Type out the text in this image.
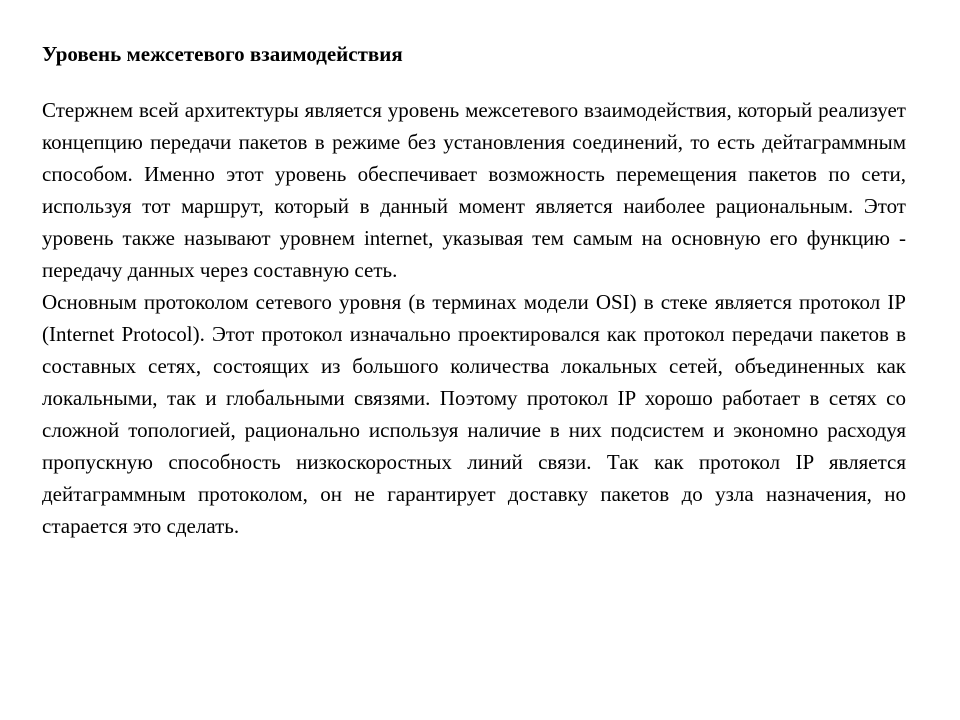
Уровень межсетевого взаимодействия

Стержнем всей архитектуры является уровень межсетевого взаимодействия, который реализует концепцию передачи пакетов в режиме без установления соединений, то есть дейтаграммным способом. Именно этот уровень обеспечивает возможность перемещения пакетов по сети, используя тот маршрут, который в данный момент является наиболее рациональным. Этот уровень также называют уровнем internet, указывая тем самым на основную его функцию - передачу данных через составную сеть.

Основным протоколом сетевого уровня (в терминах модели OSI) в стеке является протокол IP (Internet Protocol). Этот протокол изначально проектировался как протокол передачи пакетов в составных сетях, состоящих из большого количества локальных сетей, объединенных как локальными, так и глобальными связями. Поэтому протокол IP хорошо работает в сетях со сложной топологией, рационально используя наличие в них подсистем и экономно расходуя пропускную способность низкоскоростных линий связи. Так как протокол IP является дейтаграммным протоколом, он не гарантирует доставку пакетов до узла назначения, но старается это сделать.
